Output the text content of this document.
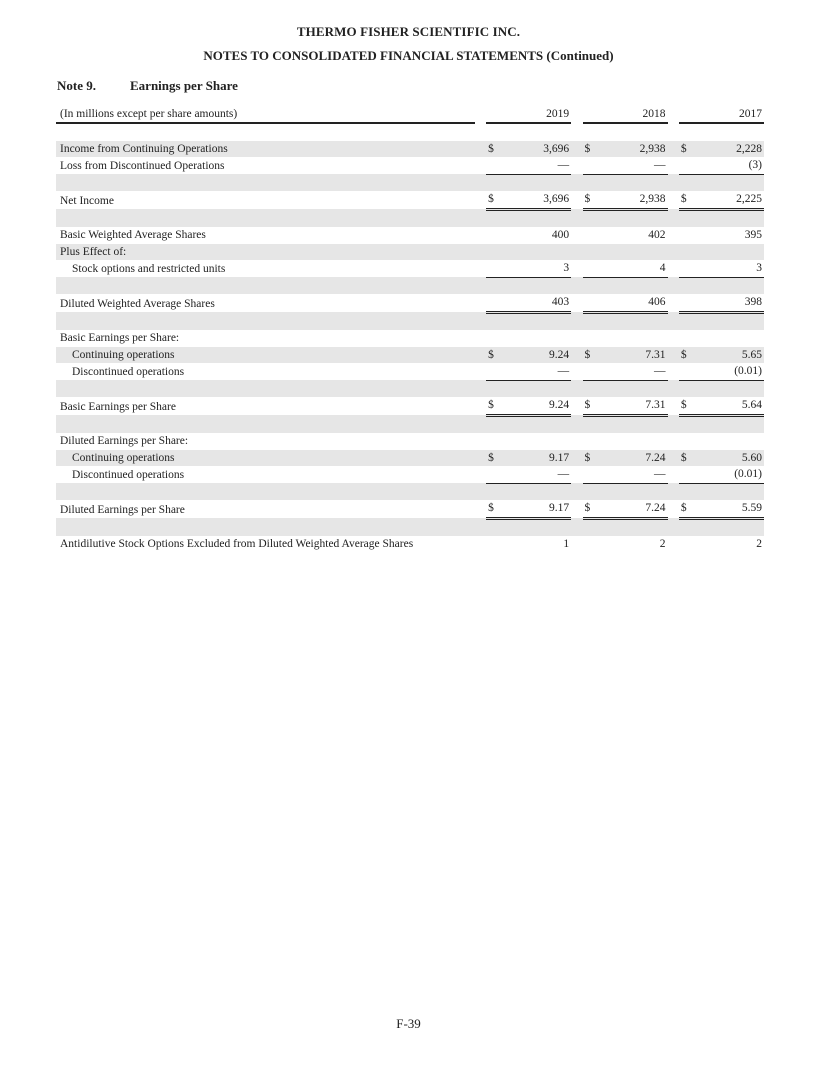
THERMO FISHER SCIENTIFIC INC.
NOTES TO CONSOLIDATED FINANCIAL STATEMENTS (Continued)
Note 9.	Earnings per Share
(In millions except per share amounts)			2019			2018			2017

Income from Continuing Operations		$	3,696		$	2,938		$	2,228
Loss from Discontinued Operations			—			—			(3)

Net Income		$	3,696		$	2,938		$	2,225

Basic Weighted Average Shares			400			402			395
Plus Effect of:									
Stock options and restricted units			3			4			3

Diluted Weighted Average Shares			403			406			398

Basic Earnings per Share:									
Continuing operations		$	9.24		$	7.31		$	5.65
Discontinued operations			—			—			(0.01)

Basic Earnings per Share		$	9.24		$	7.31		$	5.64

Diluted Earnings per Share:									
Continuing operations		$	9.17		$	7.24		$	5.60
Discontinued operations			—			—			(0.01)

Diluted Earnings per Share		$	9.17		$	7.24		$	5.59

Antidilutive Stock Options Excluded from Diluted Weighted Average Shares			1			2			2
F-39
